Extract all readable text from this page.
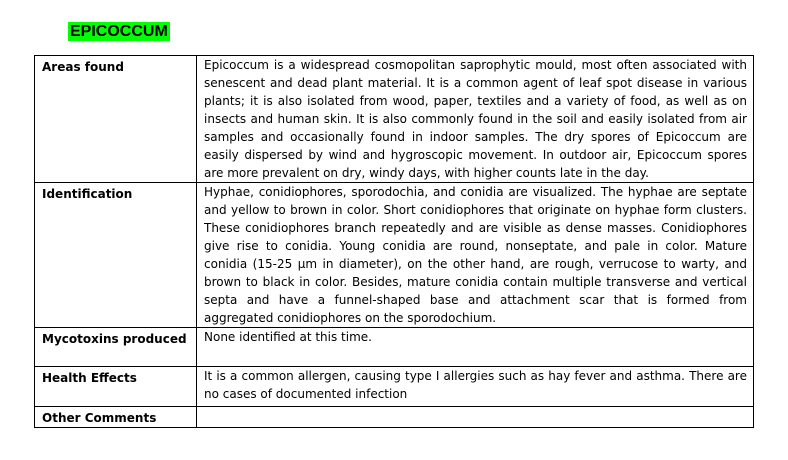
EPICOCCUM
Areas found	Epicoccum is a widespread cosmopolitan saprophytic mould, most often associated with senescent and dead plant material. It is a common agent of leaf spot disease in various plants; it is also isolated from wood, paper, textiles and a variety of food, as well as on insects and human skin. It is also commonly found in the soil and easily isolated from air samples and occasionally found in indoor samples. The dry spores of Epicoccum are easily dispersed by wind and hygroscopic movement. In outdoor air, Epicoccum spores are more prevalent on dry, windy days, with higher counts late in the day.
Identification	Hyphae, conidiophores, sporodochia, and conidia are visualized. The hyphae are septate and yellow to brown in color. Short conidiophores that originate on hyphae form clusters. These conidiophores branch repeatedly and are visible as dense masses. Conidiophores give rise to conidia. Young conidia are round, nonseptate, and pale in color. Mature conidia (15-25 µm in diameter), on the other hand, are rough, verrucose to warty, and brown to black in color. Besides, mature conidia contain multiple transverse and vertical septa and have a funnel-shaped base and attachment scar that is formed from aggregated conidiophores on the sporodochium.
Mycotoxins produced	None identified at this time.
Health Effects	It is a common allergen, causing type I allergies such as hay fever and asthma. There are no cases of documented infection
Other Comments	
